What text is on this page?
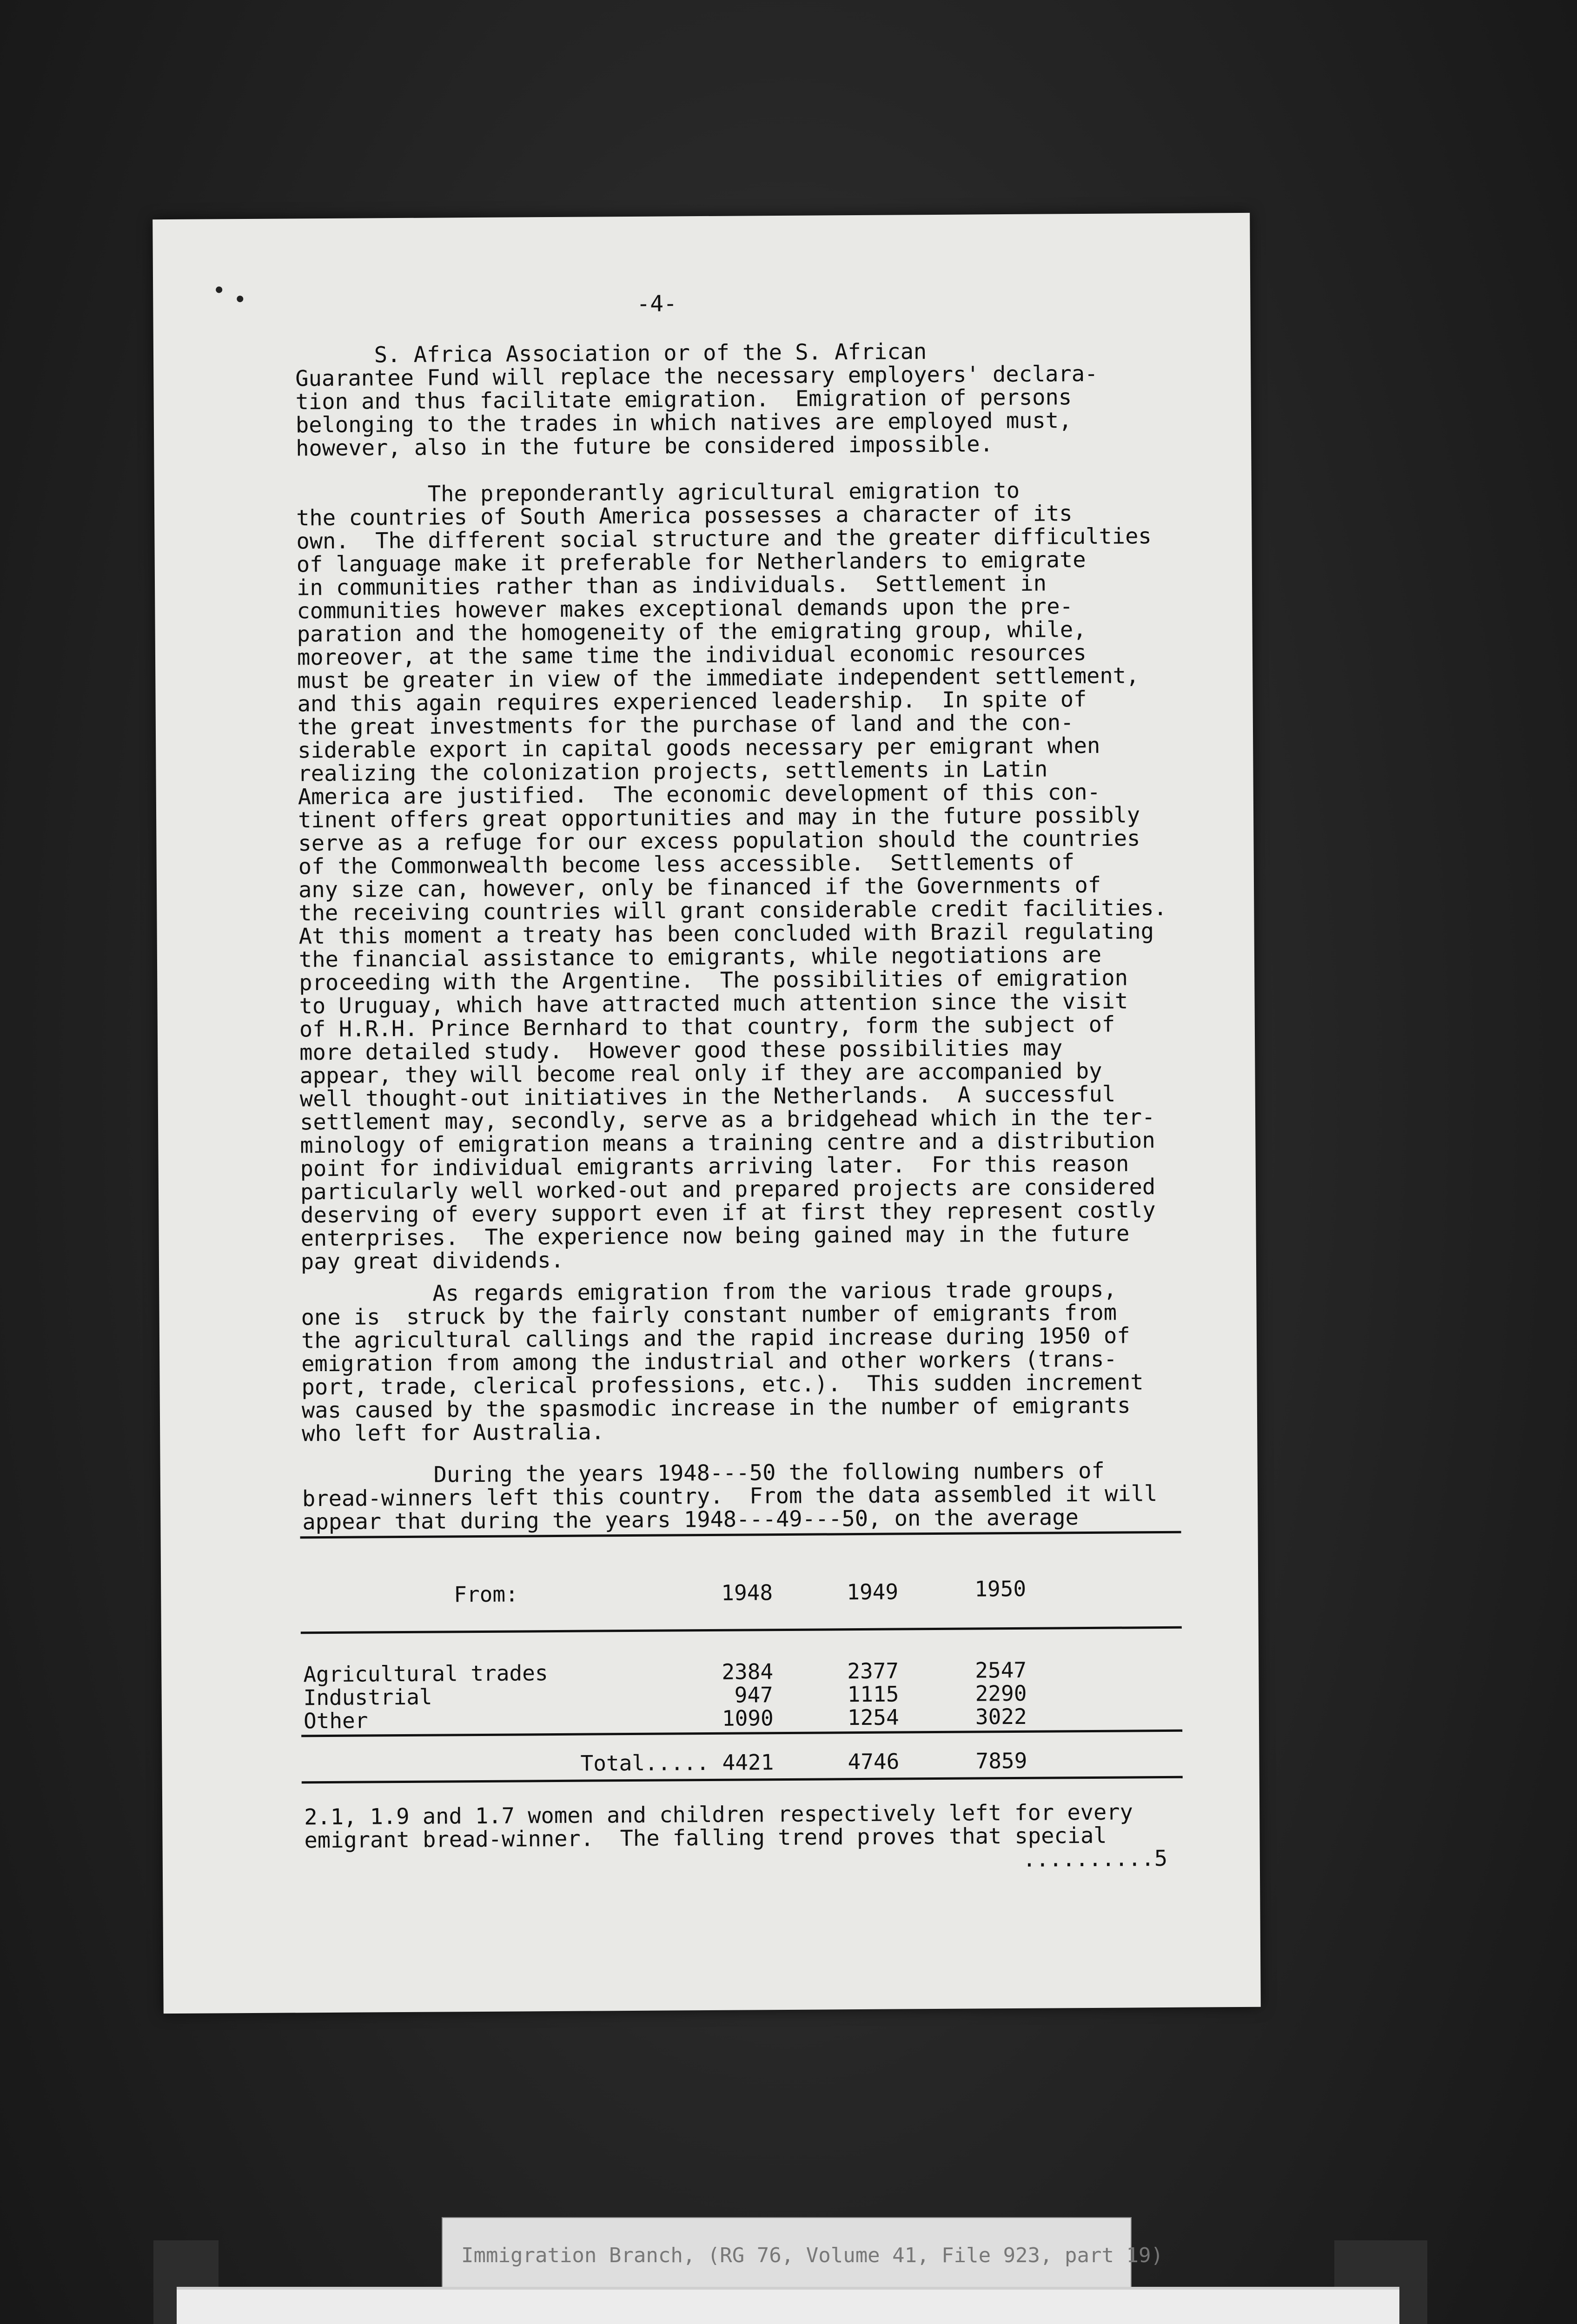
-4-
S. Africa Association or of the S. African
Guarantee Fund will replace the necessary employers' declara-
tion and thus facilitate emigration.  Emigration of persons
belonging to the trades in which natives are employed must,
however, also in the future be considered impossible.
The preponderantly agricultural emigration to
the countries of South America possesses a character of its
own.  The different social structure and the greater difficulties
of language make it preferable for Netherlanders to emigrate
in communities rather than as individuals.  Settlement in
communities however makes exceptional demands upon the pre-
paration and the homogeneity of the emigrating group, while,
moreover, at the same time the individual economic resources
must be greater in view of the immediate independent settlement,
and this again requires experienced leadership.  In spite of
the great investments for the purchase of land and the con-
siderable export in capital goods necessary per emigrant when
realizing the colonization projects, settlements in Latin
America are justified.  The economic development of this con-
tinent offers great opportunities and may in the future possibly
serve as a refuge for our excess population should the countries
of the Commonwealth become less accessible.  Settlements of
any size can, however, only be financed if the Governments of
the receiving countries will grant considerable credit facilities.
At this moment a treaty has been concluded with Brazil regulating
the financial assistance to emigrants, while negotiations are
proceeding with the Argentine.  The possibilities of emigration
to Uruguay, which have attracted much attention since the visit
of H.R.H. Prince Bernhard to that country, form the subject of
more detailed study.  However good these possibilities may
appear, they will become real only if they are accompanied by
well thought-out initiatives in the Netherlands.  A successful
settlement may, secondly, serve as a bridgehead which in the ter-
minology of emigration means a training centre and a distribution
point for individual emigrants arriving later.  For this reason
particularly well worked-out and prepared projects are considered
deserving of every support even if at first they represent costly
enterprises.  The experience now being gained may in the future
pay great dividends.
As regards emigration from the various trade groups,
one is  struck by the fairly constant number of emigrants from
the agricultural callings and the rapid increase during 1950 of
emigration from among the industrial and other workers (trans-
port, trade, clerical professions, etc.).  This sudden increment
was caused by the spasmodic increase in the number of emigrants
who left for Australia.
During the years 1948---50 the following numbers of
bread-winners left this country.  From the data assembled it will
appear that during the years 1948---49---50, on the average
From:	1948	1949	1950
Agricultural trades	2384	2377	2547
Industrial	947	1115	2290
Other	1090	1254	3022
Total..... 4421	4746	7859
2.1, 1.9 and 1.7 women and children respectively left for every
emigrant bread-winner.  The falling trend proves that special
..........5
Immigration Branch, (RG 76, Volume 41, File 923, part 19)
